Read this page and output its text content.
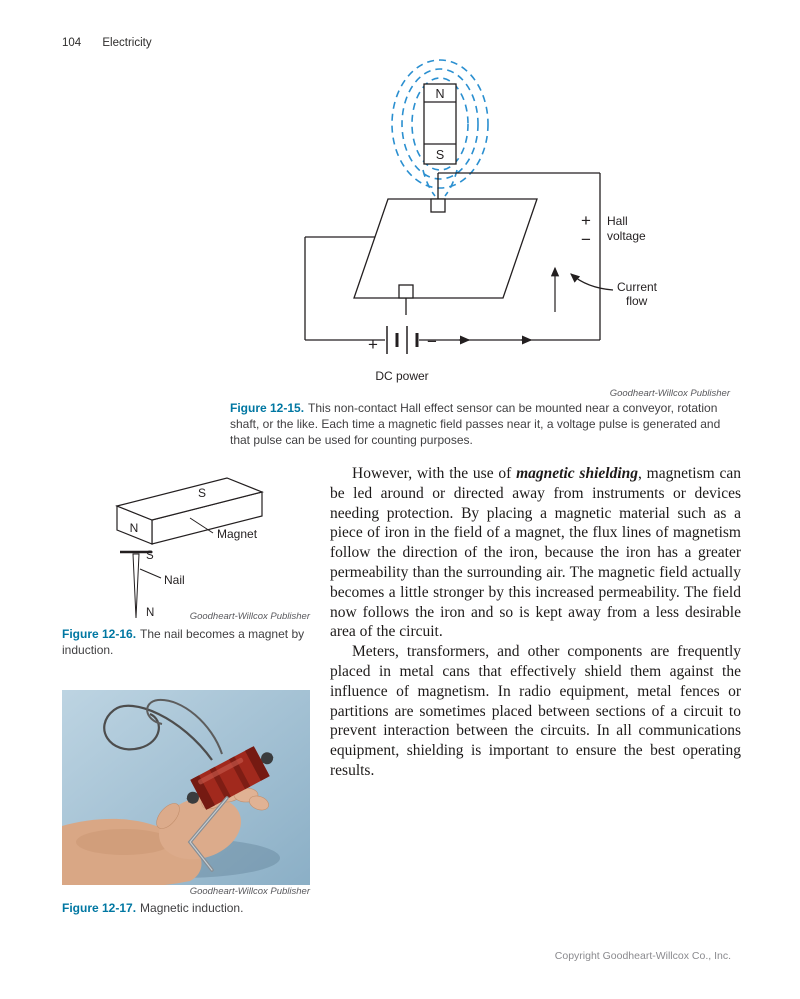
104 Electricity
N
S
+	−
DC power
+
−
Hall
voltage
Current
flow
Goodheart-Willcox Publisher

Figure 12-15. This non-contact Hall effect sensor can be mounted near a conveyor, rotation shaft, or the like. Each time a magnetic field passes near it, a voltage pulse is generated and that pulse can be used for counting purposes.

S
N
S
N
Magnet
Nail
Goodheart-Willcox Publisher

Figure 12-16. The nail becomes a magnet by induction.

However, with the use of magnetic shielding, magnetism can be led around or directed away from instruments or devices needing protection. By placing a magnetic material such as a piece of iron in the field of a magnet, the flux lines of magnetism follow the direction of the iron, because the iron has a greater permeability than the surrounding air. The magnetic field actually becomes a little stronger by this increased permeability. The field now follows the iron and so is kept away from a less desirable area of the circuit.

Meters, transformers, and other components are frequently placed in metal cans that effectively shield them against the influence of magnetism. In radio equipment, metal fences or partitions are sometimes placed between sections of a circuit to prevent interaction between the circuits. In all communications equipment, shielding is important to ensure the best operating results.

Goodheart-Willcox Publisher

Figure 12-17. Magnetic induction.

Copyright Goodheart-Willcox Co., Inc.
